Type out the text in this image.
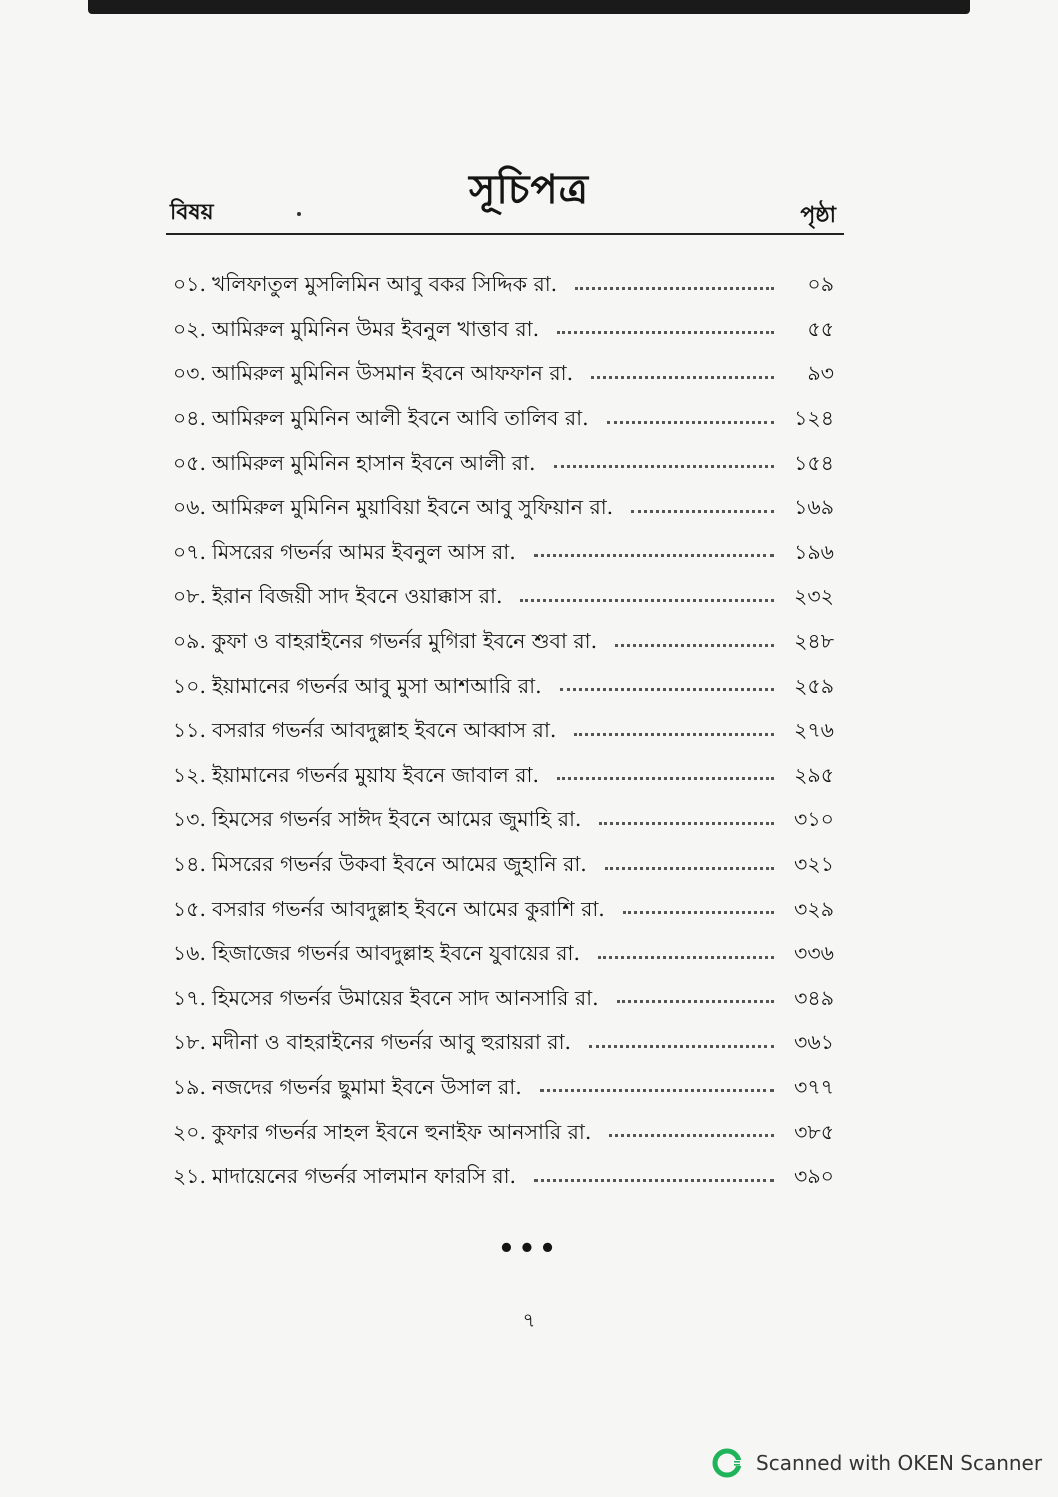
সূচিপত্র
বিষয়	পৃষ্ঠা
০১. খলিফাতুল মুসলিমিন আবু বকর সিদ্দিক রা.	০৯
০২. আমিরুল মুমিনিন উমর ইবনুল খাত্তাব রা.	৫৫
০৩. আমিরুল মুমিনিন উসমান ইবনে আফফান রা.	৯৩
০৪. আমিরুল মুমিনিন আলী ইবনে আবি তালিব রা.	১২৪
০৫. আমিরুল মুমিনিন হাসান ইবনে আলী রা.	১৫৪
০৬. আমিরুল মুমিনিন মুয়াবিয়া ইবনে আবু সুফিয়ান রা.	১৬৯
০৭. মিসরের গভর্নর আমর ইবনুল আস রা.	১৯৬
০৮. ইরান বিজয়ী সাদ ইবনে ওয়াক্কাস রা.	২৩২
০৯. কুফা ও বাহরাইনের গভর্নর মুগিরা ইবনে শুবা রা.	২৪৮
১০. ইয়ামানের গভর্নর আবু মুসা আশআরি রা.	২৫৯
১১. বসরার গভর্নর আবদুল্লাহ ইবনে আব্বাস রা.	২৭৬
১২. ইয়ামানের গভর্নর মুয়ায ইবনে জাবাল রা.	২৯৫
১৩. হিমসের গভর্নর সাঈদ ইবনে আমের জুমাহি রা.	৩১০
১৪. মিসরের গভর্নর উকবা ইবনে আমের জুহানি রা.	৩২১
১৫. বসরার গভর্নর আবদুল্লাহ ইবনে আমের কুরাশি রা.	৩২৯
১৬. হিজাজের গভর্নর আবদুল্লাহ ইবনে যুবায়ের রা.	৩৩৬
১৭. হিমসের গভর্নর উমায়ের ইবনে সাদ আনসারি রা.	৩৪৯
১৮. মদীনা ও বাহরাইনের গভর্নর আবু হুরায়রা রা.	৩৬১
১৯. নজদের গভর্নর ছুমামা ইবনে উসাল রা.	৩৭৭
২০. কুফার গভর্নর সাহল ইবনে হুনাইফ আনসারি রা.	৩৮৫
২১. মাদায়েনের গভর্নর সালমান ফারসি রা.	৩৯০
•••
৭
Scanned with OKEN Scanner
